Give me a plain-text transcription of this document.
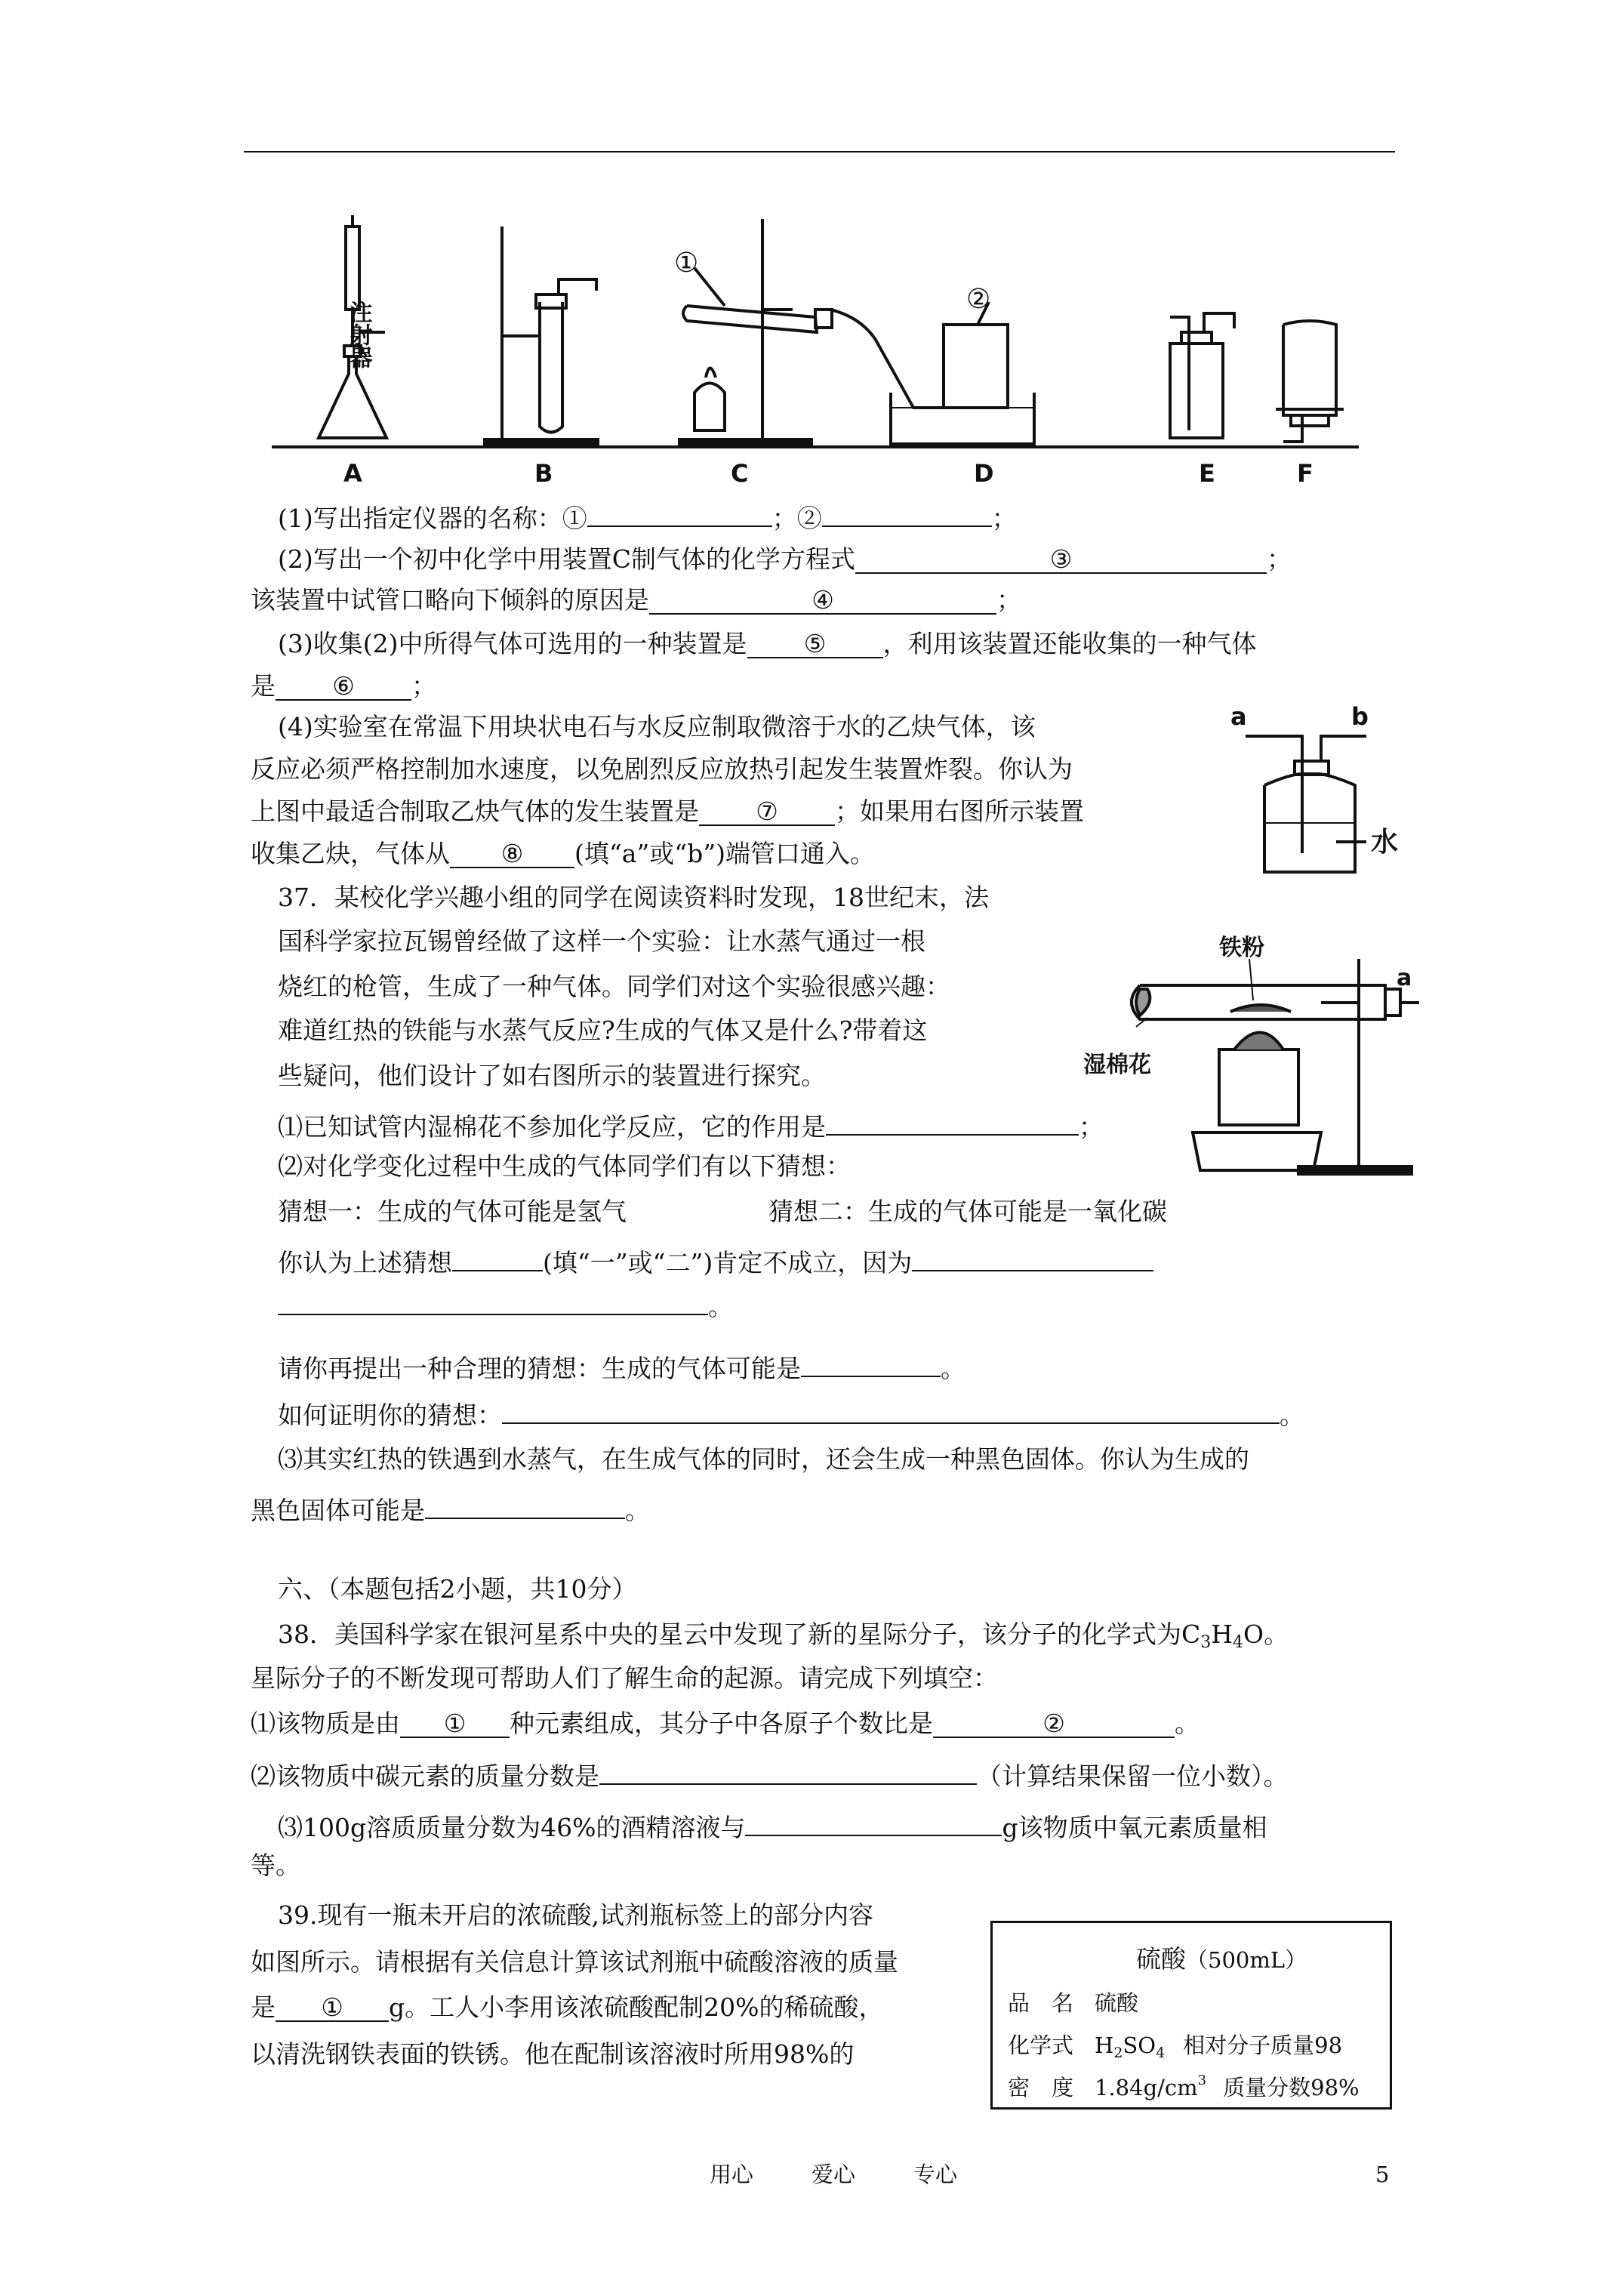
注射器
①
②
A	B	C	D	E	F
(1)写出指定仪器的名称：①	；②	；
(2)写出一个初中化学中用装置C制气体的化学方程式	③	；
该装置中试管口略向下倾斜的原因是	④	；
(3)收集(2)中所得气体可选用的一种装置是 ⑤ ，利用该装置还能收集的一种气体
是 ⑥ ；
(4)实验室在常温下用块状电石与水反应制取微溶于水的乙炔气体，该
反应必须严格控制加水速度，以免剧烈反应放热引起发生装置炸裂。你认为
上图中最适合制取乙炔气体的发生装置是 ⑦ ；如果用右图所示装置
收集乙炔，气体从 ⑧ (填“a”或“b”)端管口通入。
a	b
水
37．某校化学兴趣小组的同学在阅读资料时发现，18世纪末，法
国科学家拉瓦锡曾经做了这样一个实验：让水蒸气通过一根
烧红的枪管，生成了一种气体。同学们对这个实验很感兴趣：
难道红热的铁能与水蒸气反应?生成的气体又是什么?带着这
些疑问，他们设计了如右图所示的装置进行探究。
⑴已知试管内湿棉花不参加化学反应，它的作用是	；
⑵对化学变化过程中生成的气体同学们有以下猜想：
猜想一：生成的气体可能是氢气	猜想二：生成的气体可能是一氧化碳
你认为上述猜想	(填“一”或“二”)肯定不成立，因为
。
请你再提出一种合理的猜想：生成的气体可能是	。
如何证明你的猜想：	。
⑶其实红热的铁遇到水蒸气，在生成气体的同时，还会生成一种黑色固体。你认为生成的
黑色固体可能是	。
铁粉
湿棉花
a
六、（本题包括2小题，共10分）
38．美国科学家在银河星系中央的星云中发现了新的星际分子，该分子的化学式为$C_3H_4O$。
星际分子的不断发现可帮助人们了解生命的起源。请完成下列填空：
⑴该物质是由 ① 种元素组成，其分子中各原子个数比是	②	。
⑵该物质中碳元素的质量分数是	（计算结果保留一位小数）。
⑶100g溶质质量分数为46%的酒精溶液与	g该物质中氧元素质量相
等。
39.现有一瓶未开启的浓硫酸,试剂瓶标签上的部分内容
如图所示。请根据有关信息计算该试剂瓶中硫酸溶液的质量
是 ① g。工人小李用该浓硫酸配制20%的稀硫酸，
以清洗钢铁表面的铁锈。他在配制该溶液时所用98%的
硫酸（500mL）
品　名 硫酸
化学式 $H_2SO_4$ 相对分子质量98
密　度 $1.84g/cm^3$ 质量分数98%
用心	爱心	专心	5
